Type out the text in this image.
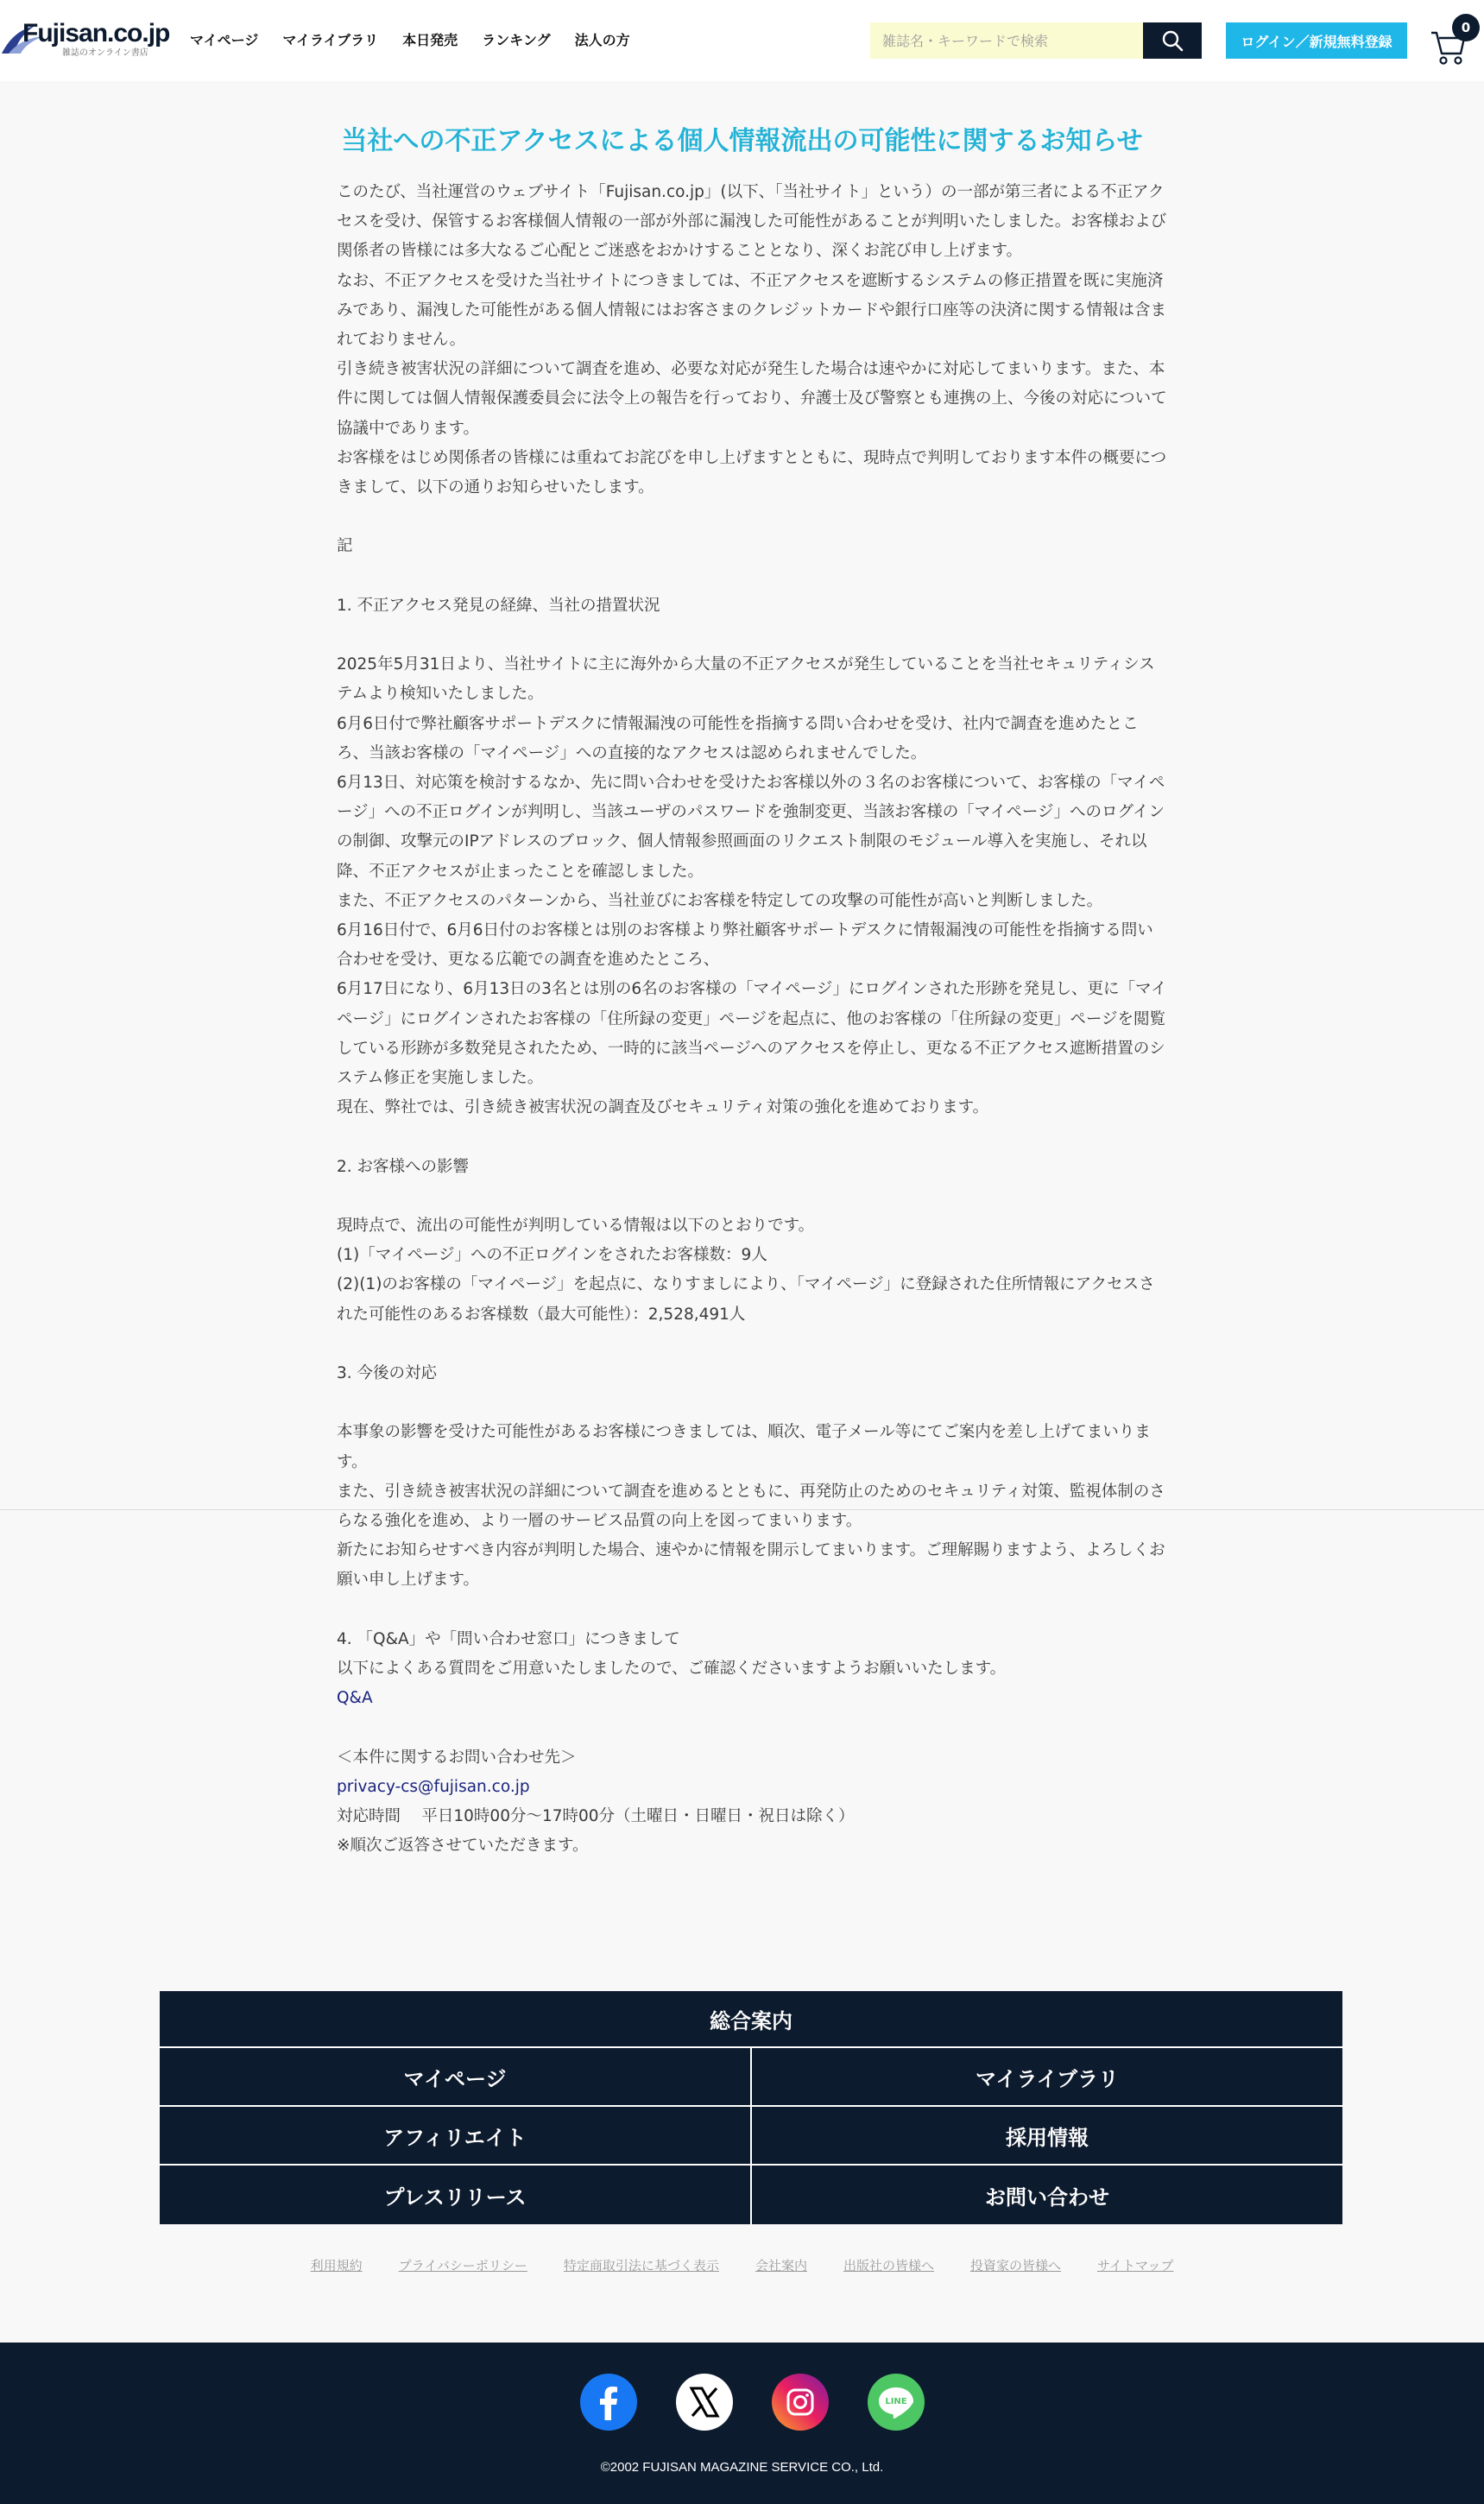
Fujisan.co.jp
雑誌のオンライン書店
マイページ マイライブラリ 本日発売 ランキング 法人の方
雑誌名・キーワードで検索	ログイン／新規無料登録
0
当社への不正アクセスによる個人情報流出の可能性に関するお知らせ

このたび、当社運営のウェブサイト「Fujisan.co.jp」(以下、「当社サイト」という）の一部が第三者による不正アクセスを受け、保管するお客様個人情報の一部が外部に漏洩した可能性があることが判明いたしました。お客様および関係者の皆様には多大なるご心配とご迷惑をおかけすることとなり、深くお詫び申し上げます。

なお、不正アクセスを受けた当社サイトにつきましては、不正アクセスを遮断するシステムの修正措置を既に実施済みであり、漏洩した可能性がある個人情報にはお客さまのクレジットカードや銀行口座等の決済に関する情報は含まれておりません。

引き続き被害状況の詳細について調査を進め、必要な対応が発生した場合は速やかに対応してまいります。また、本件に関しては個人情報保護委員会に法令上の報告を行っており、弁護士及び警察とも連携の上、今後の対応について協議中であります。

お客様をはじめ関係者の皆様には重ねてお詫びを申し上げますとともに、現時点で判明しております本件の概要につきまして、以下の通りお知らせいたします。

記

1. 不正アクセス発見の経緯、当社の措置状況

2025年5月31日より、当社サイトに主に海外から大量の不正アクセスが発生していることを当社セキュリティシステムより検知いたしました。

6月6日付で弊社顧客サポートデスクに情報漏洩の可能性を指摘する問い合わせを受け、社内で調査を進めたところ、当該お客様の「マイページ」への直接的なアクセスは認められませんでした。

6月13日、対応策を検討するなか、先に問い合わせを受けたお客様以外の３名のお客様について、お客様の「マイページ」への不正ログインが判明し、当該ユーザのパスワードを強制変更、当該お客様の「マイページ」へのログインの制御、攻撃元のIPアドレスのブロック、個人情報参照画面のリクエスト制限のモジュール導入を実施し、それ以降、不正アクセスが止まったことを確認しました。

また、不正アクセスのパターンから、当社並びにお客様を特定しての攻撃の可能性が高いと判断しました。

6月16日付で、6月6日付のお客様とは別のお客様より弊社顧客サポートデスクに情報漏洩の可能性を指摘する問い合わせを受け、更なる広範での調査を進めたところ、

6月17日になり、6月13日の3名とは別の6名のお客様の「マイページ」にログインされた形跡を発見し、更に「マイページ」にログインされたお客様の「住所録の変更」ページを起点に、他のお客様の「住所録の変更」ページを閲覧している形跡が多数発見されたため、一時的に該当ページへのアクセスを停止し、更なる不正アクセス遮断措置のシステム修正を実施しました。

現在、弊社では、引き続き被害状況の調査及びセキュリティ対策の強化を進めております。

2. お客様への影響

現時点で、流出の可能性が判明している情報は以下のとおりです。

(1)「マイページ」への不正ログインをされたお客様数：9人

(2)(1)のお客様の「マイページ」を起点に、なりすましにより、「マイページ」に登録された住所情報にアクセスされた可能性のあるお客様数（最大可能性）：2,528,491人

3. 今後の対応

本事象の影響を受けた可能性があるお客様につきましては、順次、電子メール等にてご案内を差し上げてまいります。

また、引き続き被害状況の詳細について調査を進めるとともに、再発防止のためのセキュリティ対策、監視体制のさらなる強化を進め、より一層のサービス品質の向上を図ってまいります。

新たにお知らせすべき内容が判明した場合、速やかに情報を開示してまいります。ご理解賜りますよう、よろしくお願い申し上げます。

4. 「Q&A」や「問い合わせ窓口」につきまして

以下によくある質問をご用意いたしましたので、ご確認くださいますようお願いいたします。

Q&A

＜本件に関するお問い合わせ先＞

privacy-cs@fujisan.co.jp

対応時間　 平日10時00分～17時00分（土曜日・日曜日・祝日は除く）

※順次ご返答させていただきます。

総合案内
マイページ	マイライブラリ
アフィリエイト	採用情報
プレスリリース	お問い合わせ
利用規約	プライバシーポリシー	特定商取引法に基づく表示	会社案内	出版社の皆様へ	投資家の皆様へ	サイトマップ
LINE
©2002 FUJISAN MAGAZINE SERVICE CO., Ltd.
